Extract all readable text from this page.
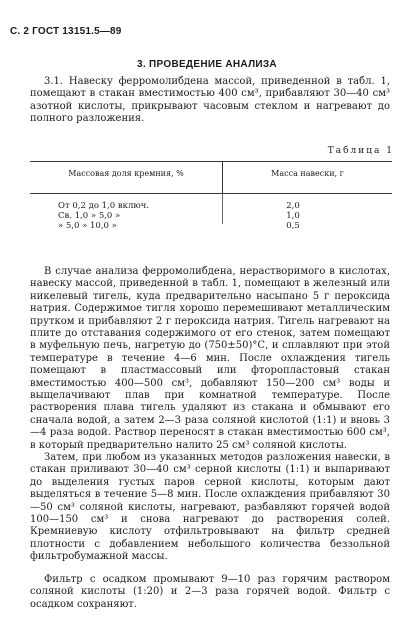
С. 2 ГОСТ 13151.5—89
3. ПРОВЕДЕНИЕ АНАЛИЗА
3.1. Навеску ферромолибдена массой, приведенной в табл. 1, помещают в стакан вместимостью 400 см³, прибавляют 30—40 см³ азотной кислоты, прикрывают часовым стеклом и нагревают до полного разложения.
Таблица 1
Массовая доля кремния, %	Масса навески, г
От 0,2 до 1,0 включ.	2,0
Св. 1,0 » 5,0 »	1,0
» 5,0 » 10,0 »	0,5
В случае анализа ферромолибдена, нерастворимого в кислотах, навеску массой, приведенной в табл. 1, помещают в железный или никелевый тигель, куда предварительно насыпано 5 г пероксида натрия. Содержимое тигля хорошо перемешивают металлическим прутком и прибавляют 2 г пероксида натрия. Тигель нагревают на плите до отставания содержимого от его стенок, затем помещают в муфельную печь, нагретую до (750±50)°С, и сплавляют при этой температуре в течение 4—6 мин. После охлаждения тигель помещают в пластмассовый или фторопластовый стакан вместимостью 400—500 см³, добавляют 150—200 см³ воды и выщелачивают плав при комнатной температуре. После растворения плава тигель удаляют из стакана и обмывают его сначала водой, а затем 2—3 раза соляной кислотой (1:1) и вновь 3—4 раза водой. Раствор переносят в стакан вместимостью 600 см³, в который предварительно налито 25 см³ соляной кислоты.
Затем, при любом из указанных методов разложения навески, в стакан приливают 30—40 см³ серной кислоты (1:1) и выпаривают до выделения густых паров серной кислоты, которым дают выделяться в течение 5—8 мин. После охлаждения прибавляют 30—50 см³ соляной кислоты, нагревают, разбавляют горячей водой 100—150 см³ и снова нагревают до растворения солей. Кремниевую кислоту отфильтровывают на фильтр средней плотности с добавлением небольшого количества беззольной фильтробумажной массы.
Фильтр с осадком промывают 9—10 раз горячим раствором соляной кислоты (1:20) и 2—3 раза горячей водой. Фильтр с осадком сохраняют.
